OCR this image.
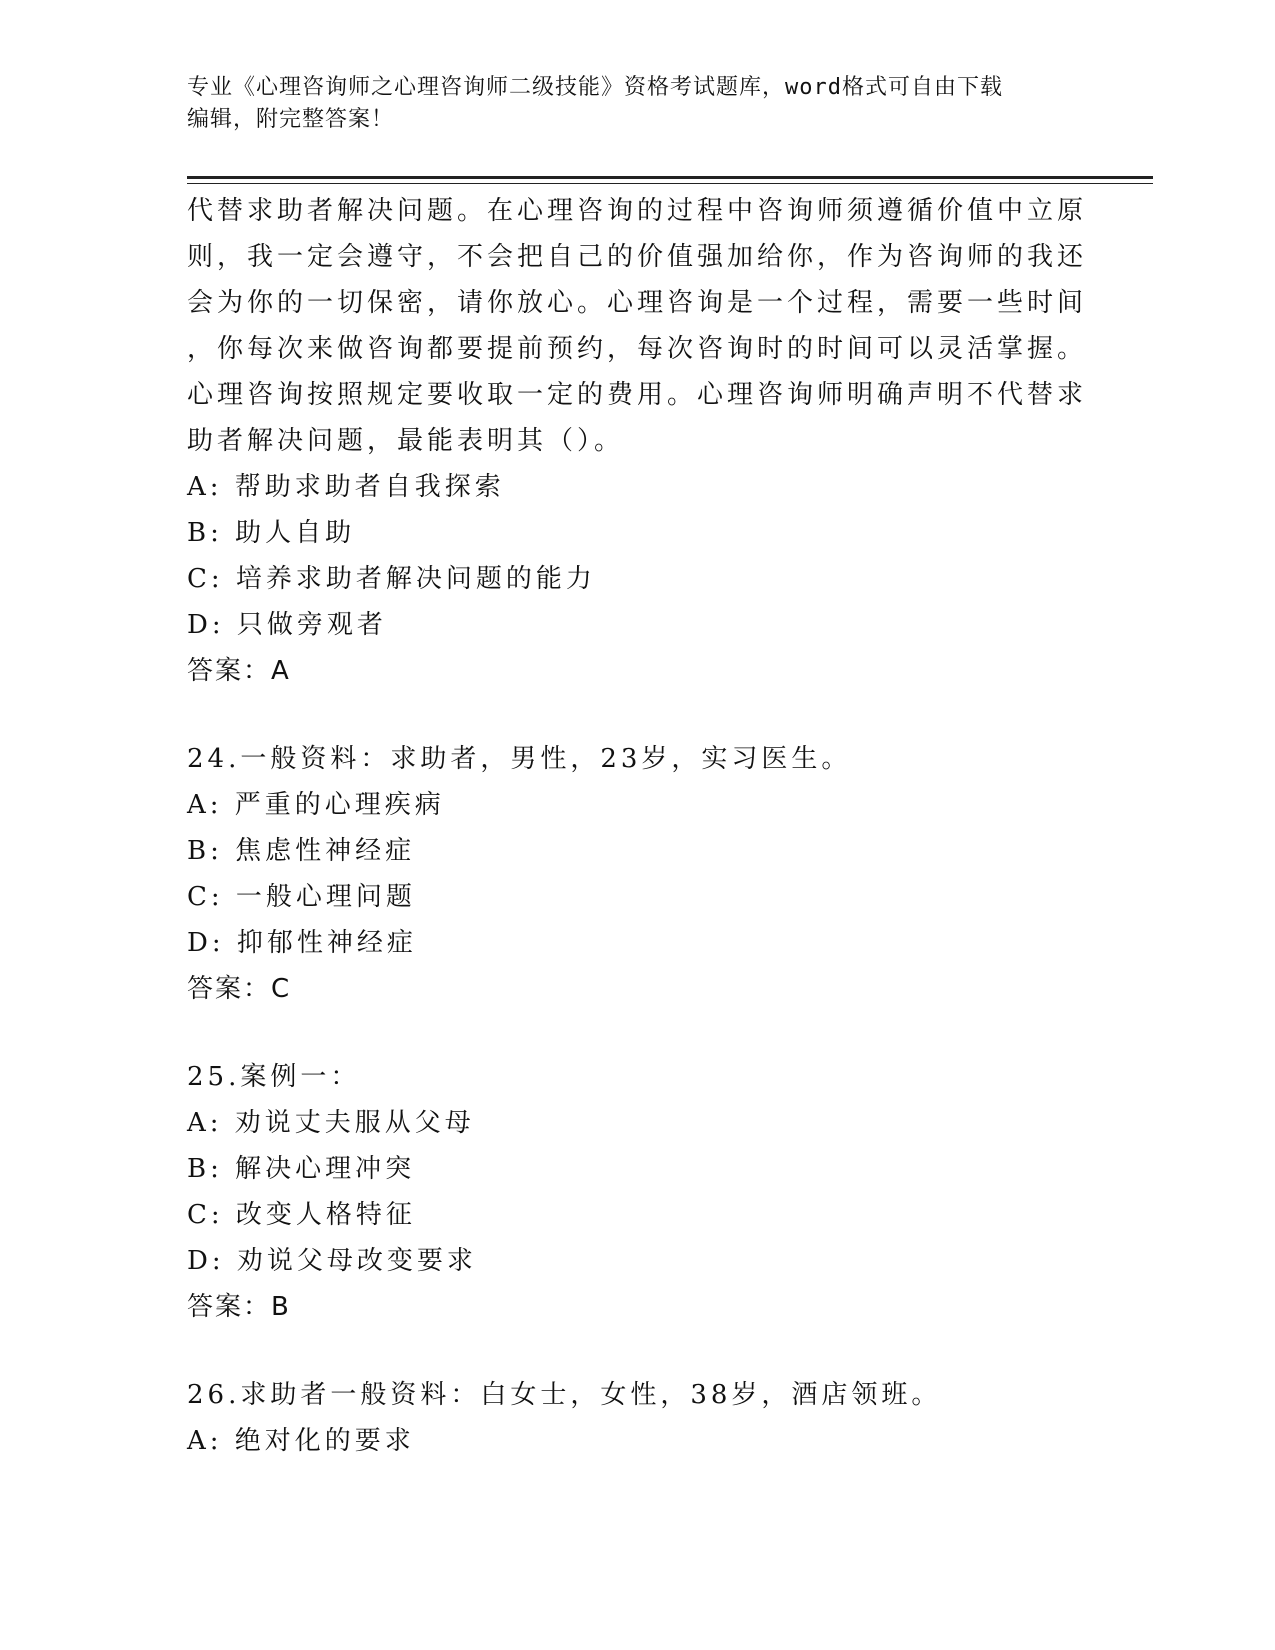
专业《心理咨询师之心理咨询师二级技能》资格考试题库，word格式可自由下载
编辑，附完整答案！
代替求助者解决问题。在心理咨询的过程中咨询师须遵循价值中立原
则，我一定会遵守，不会把自己的价值强加给你，作为咨询师的我还
会为你的一切保密，请你放心。心理咨询是一个过程，需要一些时间
，你每次来做咨询都要提前预约，每次咨询时的时间可以灵活掌握。
心理咨询按照规定要收取一定的费用。心理咨询师明确声明不代替求
助者解决问题，最能表明其（）。
A: 帮助求助者自我探索
B: 助人自助
C: 培养求助者解决问题的能力
D: 只做旁观者
答案：A
24.一般资料：求助者，男性，23岁，实习医生。
A: 严重的心理疾病
B: 焦虑性神经症
C: 一般心理问题
D: 抑郁性神经症
答案：C
25.案例一：
A: 劝说丈夫服从父母
B: 解决心理冲突
C: 改变人格特征
D: 劝说父母改变要求
答案：B
26.求助者一般资料：白女士，女性，38岁，酒店领班。
A: 绝对化的要求
